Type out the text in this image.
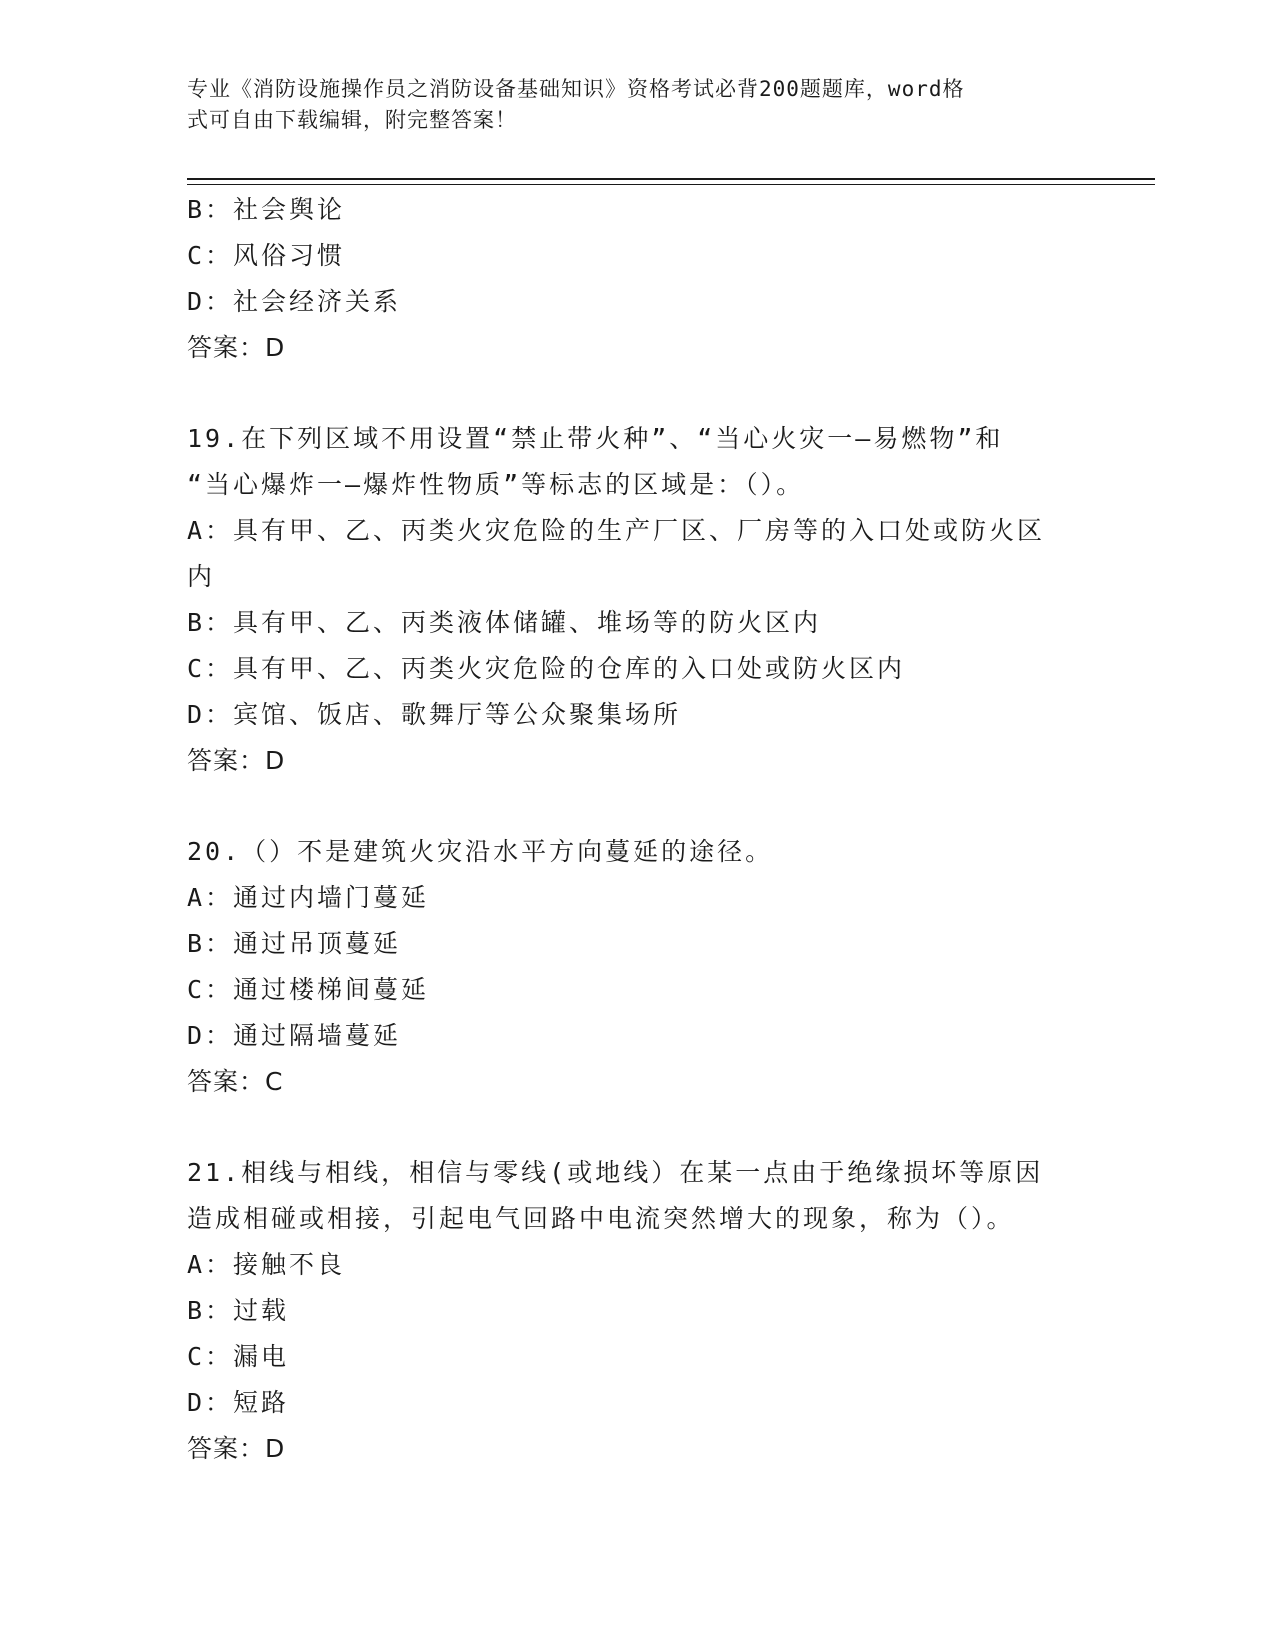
专业《消防设施操作员之消防设备基础知识》资格考试必背200题题库，word格
式可自由下载编辑，附完整答案！
B：社会舆论
C：风俗习惯
D：社会经济关系
答案：D
19.在下列区域不用设置“禁止带火种”、“当心火灾一—易燃物”和
“当心爆炸一—爆炸性物质”等标志的区域是：（）。
A：具有甲、乙、丙类火灾危险的生产厂区、厂房等的入口处或防火区
内
B：具有甲、乙、丙类液体储罐、堆场等的防火区内
C：具有甲、乙、丙类火灾危险的仓库的入口处或防火区内
D：宾馆、饭店、歌舞厅等公众聚集场所
答案：D
20.（）不是建筑火灾沿水平方向蔓延的途径。
A：通过内墙门蔓延
B：通过吊顶蔓延
C：通过楼梯间蔓延
D：通过隔墙蔓延
答案：C
21.相线与相线，相信与零线(或地线）在某一点由于绝缘损坏等原因
造成相碰或相接，引起电气回路中电流突然增大的现象，称为（）。
A：接触不良
B：过载
C：漏电
D：短路
答案：D
